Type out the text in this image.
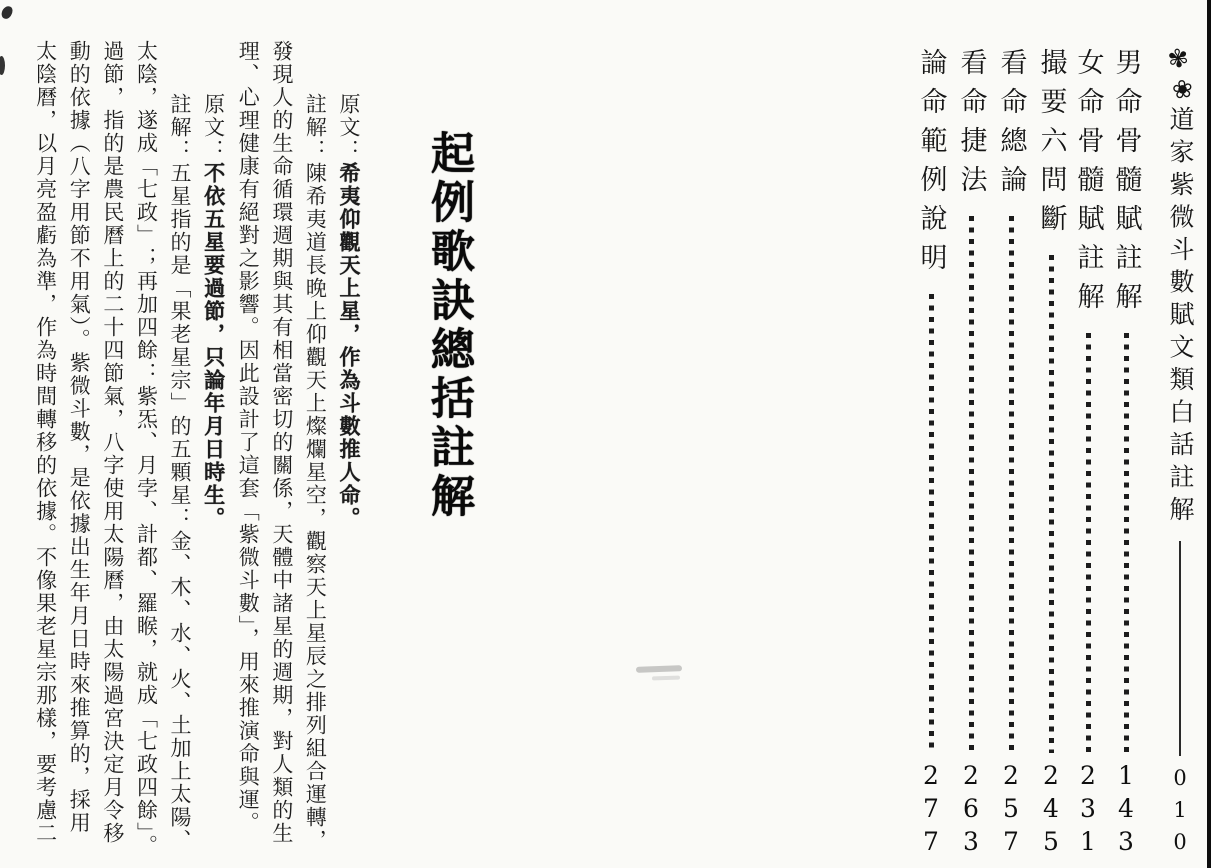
✾❀
道家紫微斗數賦文類白話註解
010
男命骨髓賦註解
143
女命骨髓賦註解
231
撮要六問斷
245
看命總論
257
看命捷法
263
論命範例說明
277
起例歌訣總括註解
原文：希夷仰觀天上星，作為斗數推人命。
註解：陳希夷道長晚上仰觀天上燦爛星空，觀察天上星辰之排列組合運轉，
發現人的生命循環週期與其有相當密切的關係，天體中諸星的週期，對人類的生
理、心理健康有絕對之影響。因此設計了這套「紫微斗數」，用來推演命與運。
原文：不依五星要過節，只論年月日時生。
註解：五星指的是「果老星宗」的五顆星：金、木、水、火、土加上太陽、
太陰，遂成「七政」；再加四餘：紫炁、月孛、計都、羅睺，就成「七政四餘」。
過節，指的是農民曆上的二十四節氣，八字使用太陽曆，由太陽過宮決定月令移
動的依據（八字用節不用氣）。紫微斗數，是依據出生年月日時來推算的，採用
太陰曆，以月亮盈虧為準，作為時間轉移的依據。不像果老星宗那樣，要考慮二
